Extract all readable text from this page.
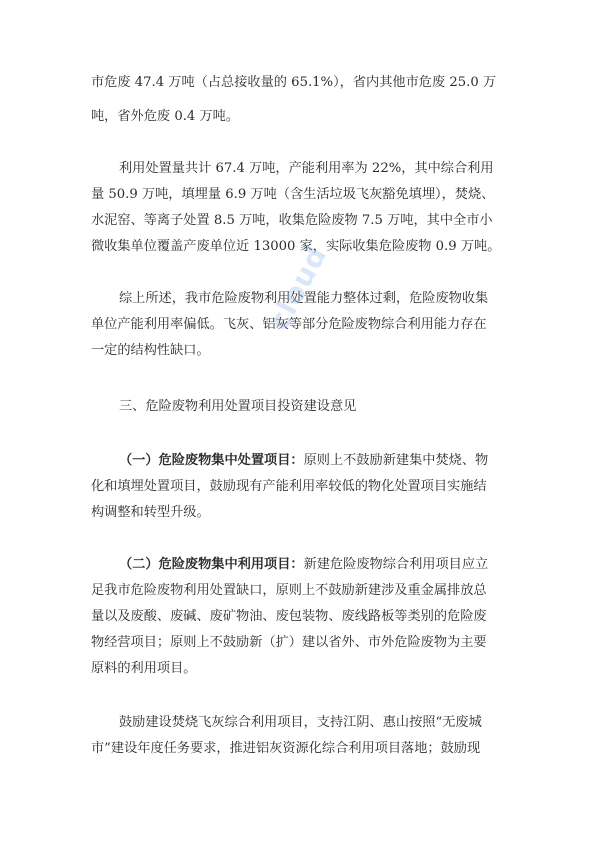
市危废 47.4 万吨（占总接收量的 65.1%），省内其他市危废 25.0 万
吨，省外危废 0.4 万吨。
利用处置量共计 67.4 万吨，产能利用率为 22%，其中综合利用
量 50.9 万吨，填埋量 6.9 万吨（含生活垃圾飞灰豁免填埋），焚烧、
水泥窑、等离子处置 8.5 万吨，收集危险废物 7.5 万吨，其中全市小
微收集单位覆盖产废单位近 13000 家，实际收集危险废物 0.9 万吨。
综上所述，我市危险废物利用处置能力整体过剩，危险废物收集
单位产能利用率偏低。飞灰、铝灰等部分危险废物综合利用能力存在
一定的结构性缺口。
三、危险废物利用处置项目投资建设意见
（一）危险废物集中处置项目：原则上不鼓励新建集中焚烧、物
化和填埋处置项目，鼓励现有产能利用率较低的物化处置项目实施结
构调整和转型升级。
（二）危险废物集中利用项目：新建危险废物综合利用项目应立
足我市危险废物利用处置缺口，原则上不鼓励新建涉及重金属排放总
量以及废酸、废碱、废矿物油、废包装物、废线路板等类别的危险废
物经营项目；原则上不鼓励新（扩）建以省外、市外危险废物为主要
原料的利用项目。
鼓励建设焚烧飞灰综合利用项目，支持江阴、惠山按照“无废城
市”建设年度任务要求，推进铝灰资源化综合利用项目落地；鼓励现
cloud
